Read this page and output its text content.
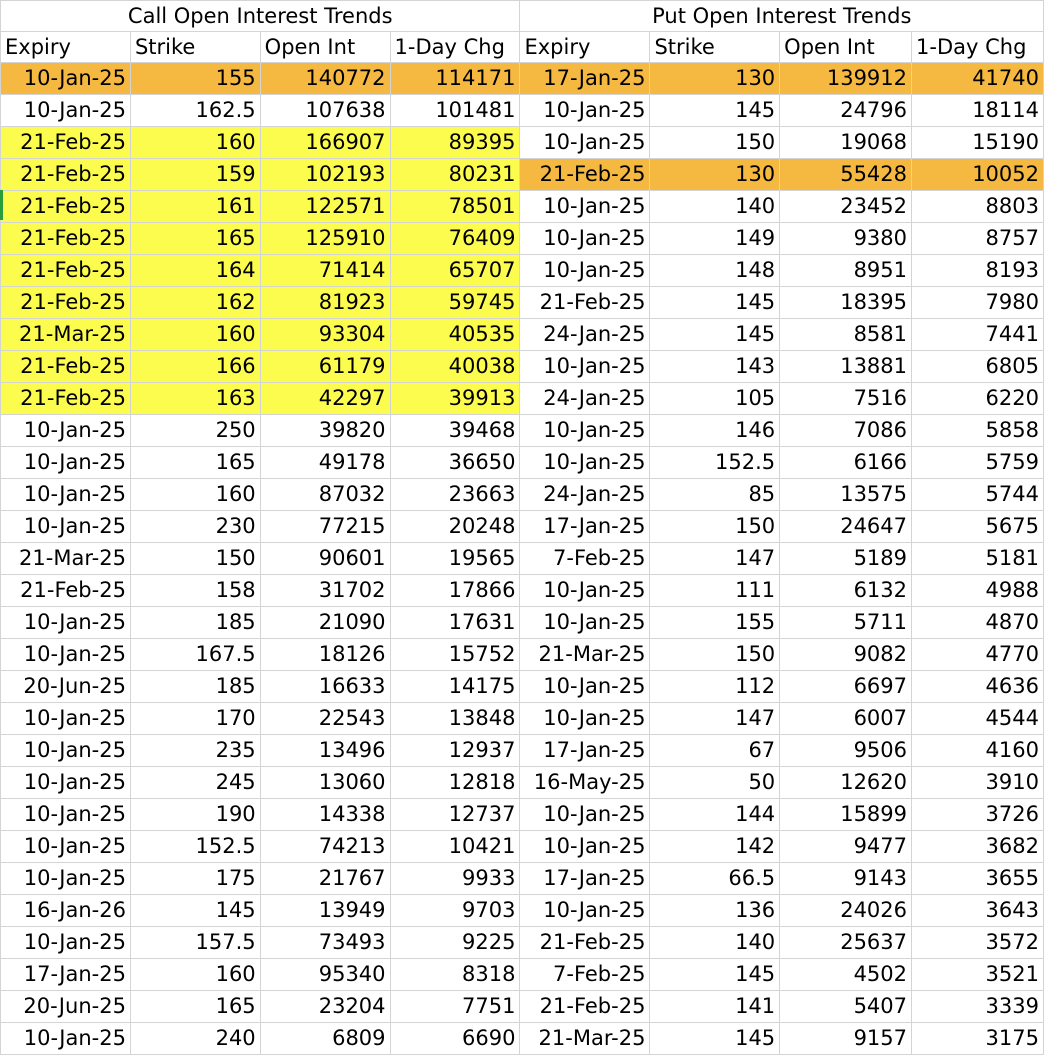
Call Open Interest Trends				Put Open Interest Trends			
Expiry	Strike	Open Int	1-Day Chg	Expiry	Strike	Open Int	1-Day Chg
10-Jan-25	155	140772	114171	17-Jan-25	130	139912	41740
10-Jan-25	162.5	107638	101481	10-Jan-25	145	24796	18114
21-Feb-25	160	166907	89395	10-Jan-25	150	19068	15190
21-Feb-25	159	102193	80231	21-Feb-25	130	55428	10052
21-Feb-25	161	122571	78501	10-Jan-25	140	23452	8803
21-Feb-25	165	125910	76409	10-Jan-25	149	9380	8757
21-Feb-25	164	71414	65707	10-Jan-25	148	8951	8193
21-Feb-25	162	81923	59745	21-Feb-25	145	18395	7980
21-Mar-25	160	93304	40535	24-Jan-25	145	8581	7441
21-Feb-25	166	61179	40038	10-Jan-25	143	13881	6805
21-Feb-25	163	42297	39913	24-Jan-25	105	7516	6220
10-Jan-25	250	39820	39468	10-Jan-25	146	7086	5858
10-Jan-25	165	49178	36650	10-Jan-25	152.5	6166	5759
10-Jan-25	160	87032	23663	24-Jan-25	85	13575	5744
10-Jan-25	230	77215	20248	17-Jan-25	150	24647	5675
21-Mar-25	150	90601	19565	7-Feb-25	147	5189	5181
21-Feb-25	158	31702	17866	10-Jan-25	111	6132	4988
10-Jan-25	185	21090	17631	10-Jan-25	155	5711	4870
10-Jan-25	167.5	18126	15752	21-Mar-25	150	9082	4770
20-Jun-25	185	16633	14175	10-Jan-25	112	6697	4636
10-Jan-25	170	22543	13848	10-Jan-25	147	6007	4544
10-Jan-25	235	13496	12937	17-Jan-25	67	9506	4160
10-Jan-25	245	13060	12818	16-May-25	50	12620	3910
10-Jan-25	190	14338	12737	10-Jan-25	144	15899	3726
10-Jan-25	152.5	74213	10421	10-Jan-25	142	9477	3682
10-Jan-25	175	21767	9933	17-Jan-25	66.5	9143	3655
16-Jan-26	145	13949	9703	10-Jan-25	136	24026	3643
10-Jan-25	157.5	73493	9225	21-Feb-25	140	25637	3572
17-Jan-25	160	95340	8318	7-Feb-25	145	4502	3521
20-Jun-25	165	23204	7751	21-Feb-25	141	5407	3339
10-Jan-25	240	6809	6690	21-Mar-25	145	9157	3175
